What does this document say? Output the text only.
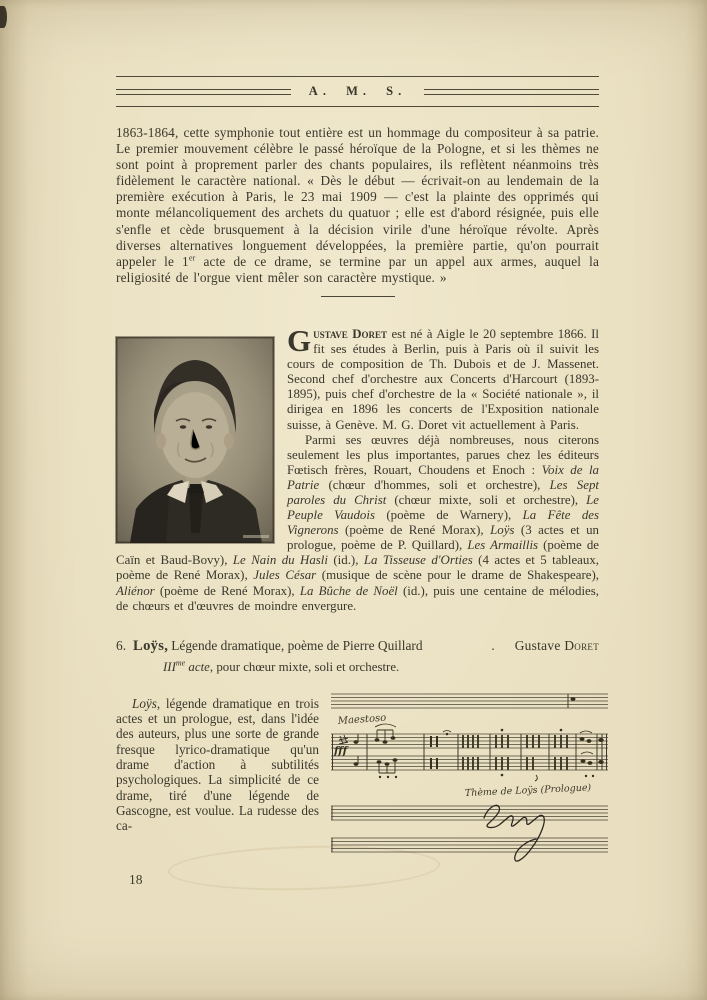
A. M. S.

1863-1864, cette symphonie tout entière est un hommage du compositeur à sa patrie. Le premier mouvement célèbre le passé héroïque de la Pologne, et si les thèmes ne sont point à proprement parler des chants populaires, ils reflètent néanmoins très fidèlement le caractère national. « Dès le début — écrivait-on au lendemain de la première exécution à Paris, le 23 mai 1909 — c'est la plainte des opprimés qui monte mélancoliquement des archets du quatuor ; elle est d'abord résignée, puis elle s'enfle et cède brusquement à la décision virile d'une héroïque révolte. Après diverses alternatives longuement développées, la première partie, qu'on pourrait appeler le 1er acte de ce drame, se termine par un appel aux armes, auquel la religiosité de l'orgue vient mêler son caractère mystique. »

Gustave Doret est né à Aigle le 20 septembre 1866. Il fit ses études à Berlin, puis à Paris où il suivit les cours de composition de Th. Dubois et de J. Massenet. Second chef d'orchestre aux Concerts d'Harcourt (1893-1895), puis chef d'orchestre de la « Société nationale », il dirigea en 1896 les concerts de l'Exposition nationale suisse, à Genève. M. G. Doret vit actuellement à Paris.

Parmi ses œuvres déjà nombreuses, nous citerons seulement les plus importantes, parues chez les éditeurs Fœtisch frères, Rouart, Choudens et Enoch : Voix de la Patrie (chœur d'hommes, soli et orchestre), Les Sept paroles du Christ (chœur mixte, soli et orchestre), Le Peuple Vaudois (poème de Warnery), La Fête des Vignerons (poème de René Morax), Loÿs (3 actes et un prologue, poème de P. Quillard), Les Armaillis (poème de Caïn et Baud-Bovy), Le Nain du Hasli (id.), La Tisseuse d'Orties (4 actes et 5 tableaux, poème de René Morax), Jules César (musique de scène pour le drame de Shakespeare), Aliénor (poème de René Morax), La Bûche de Noël (id.), puis une centaine de mélodies, de chœurs et d'œuvres de moindre envergure.

6. Loÿs, Légende dramatique, poème de Pierre Quillard	.	Gustave Doret

$III^{me}$ acte, pour chœur mixte, soli et orchestre.

Loÿs, légende dramatique en trois actes et un prologue, est, dans l'idée des auteurs, plus une sorte de grande fresque lyrico-dramatique qu'un drame d'action à subtilités psychologiques. La simplicité de ce drame, tiré d'une légende de Gascogne, est voulue. La rudesse des ca-

Maestoso
fff
Thème de Loÿs (Prologue)
18
